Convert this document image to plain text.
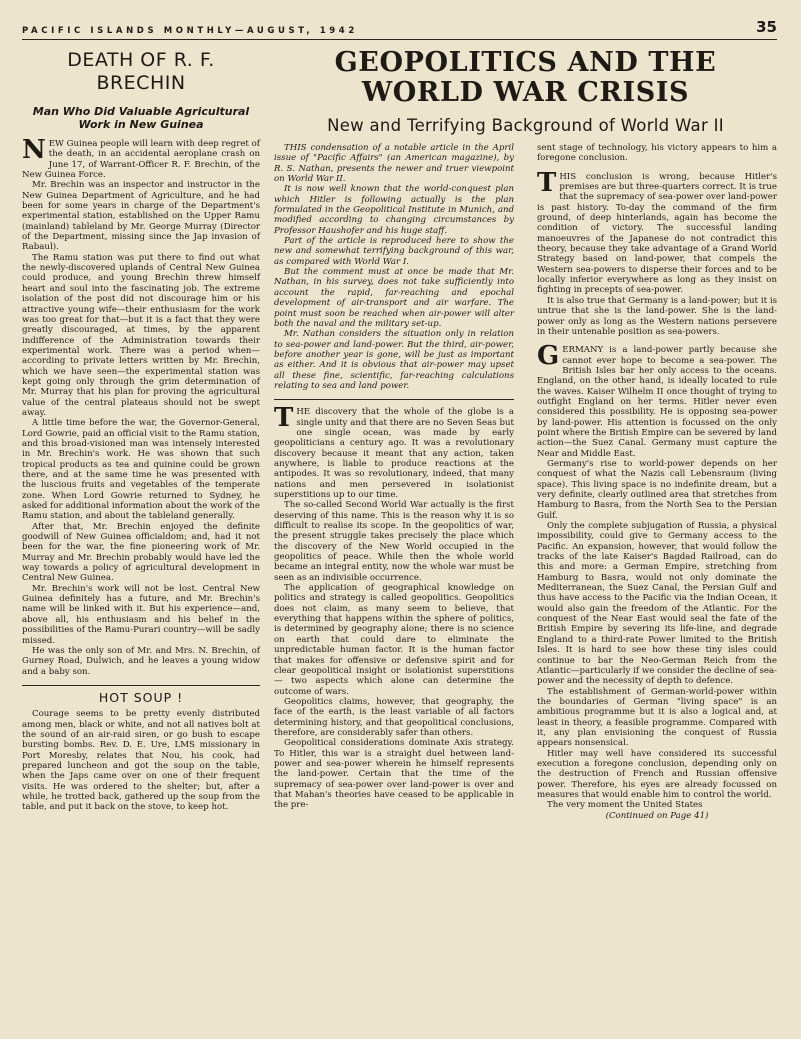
PACIFIC ISLANDS MONTHLY—AUGUST, 1942	35
DEATH OF R. F. BRECHIN
Man Who Did Valuable Agricultural Work in New Guinea

NEW Guinea people will learn with deep regret of the death, in an accidental aeroplane crash on June 17, of Warrant-Officer R. F. Brechin, of the New Guinea Force.

Mr. Brechin was an inspector and instructor in the New Guinea Department of Agriculture, and he had been for some years in charge of the Department's experimental station, established on the Upper Ramu (mainland) tableland by Mr. George Murray (Director of the Department, missing since the Jap invasion of Rabaul).

The Ramu station was put there to find out what the newly-discovered uplands of Central New Guinea could produce, and young Brechin threw himself heart and soul into the fascinating job. The extreme isolation of the post did not discourage him or his attractive young wife—their enthusiasm for the work was too great for that—but it is a fact that they were greatly discouraged, at times, by the apparent indifference of the Administration towards their experimental work. There was a period when—according to private letters written by Mr. Brechin, which we have seen—the experimental station was kept going only through the grim determination of Mr. Murray that his plan for proving the agricultural value of the central plateaus should not be swept away.

A little time before the war, the Governor-General, Lord Gowrie, paid an official visit to the Ramu station, and this broad-visioned man was intensely interested in Mr. Brechin's work. He was shown that such tropical products as tea and quinine could be grown there, and at the same time he was presented with the luscious fruits and vegetables of the temperate zone. When Lord Gowrie returned to Sydney, he asked for additional information about the work of the Ramu station, and about the tableland generally.

After that, Mr. Brechin enjoyed the definite goodwill of New Guinea officialdom; and, had it not been for the war, the fine pioneering work of Mr. Murray and Mr. Brechin probably would have led the way towards a policy of agricultural development in Central New Guinea.

Mr. Brechin's work will not be lost. Central New Guinea definitely has a future, and Mr. Brechin's name will be linked with it. But his experience—and, above all, his enthusiasm and his belief in the possibilities of the Ramu-Purari country—will be sadly missed.

He was the only son of Mr. and Mrs. N. Brechin, of Gurney Road, Dulwich, and he leaves a young widow and a baby son.

HOT SOUP !

Courage seems to be pretty evenly distributed among men, black or white, and not all natives bolt at the sound of an air-raid siren, or go bush to escape bursting bombs. Rev. D. E. Ure, LMS missionary in Port Moresby, relates that Nou, his cook, had prepared luncheon and got the soup on the table, when the Japs came over on one of their frequent visits. He was ordered to the shelter; but, after a while, he trotted back, gathered up the soup from the table, and put it back on the stove, to keep hot.

GEOPOLITICS AND THE WORLD WAR CRISIS
New and Terrifying Background of World War II

THIS condensation of a notable article in the April issue of "Pacific Affairs" (an American magazine), by R. S. Nathan, presents the newer and truer viewpoint on World War II.

It is now well known that the world-conquest plan which Hitler is following actually is the plan formulated in the Geopolitical Institute in Munich, and modified according to changing circumstances by Professor Haushofer and his huge staff.

Part of the article is reproduced here to show the new and somewhat terrifying background of this war, as compared with World War I.

But the comment must at once be made that Mr. Nathan, in his survey, does not take sufficiently into account the rapid, far-reaching and epochal development of air-transport and air warfare. The point must soon be reached when air-power will alter both the naval and the military set-up.

Mr. Nathan considers the situation only in relation to sea-power and land-power. But the third, air-power, before another year is gone, will be just as important as either. And it is obvious that air-power may upset all these fine, scientific, far-reaching calculations relating to sea and land power.

THE discovery that the whole of the globe is a single unity and that there are no Seven Seas but one single ocean, was made by early geopoliticians a century ago. It was a revolutionary discovery because it meant that any action, taken anywhere, is liable to produce reactions at the antipodes. It was so revolutionary, indeed, that many nations and men persevered in isolationist superstitions up to our time.

The so-called Second World War actually is the first deserving of this name. This is the reason why it is so difficult to realise its scope. In the geopolitics of war, the present struggle takes precisely the place which the discovery of the New World occupied in the geopolitics of peace. While then the whole world became an integral entity, now the whole war must be seen as an indivisible occurrence.

The application of geographical knowledge on politics and strategy is called geopolitics. Geopolitics does not claim, as many seem to believe, that everything that happens within the sphere of politics, is determined by geography alone; there is no science on earth that could dare to eliminate the unpredictable human factor. It is the human factor that makes for offensive or defensive spirit and for clear geopolitical insight or isolationist superstitions — two aspects which alone can determine the outcome of wars.

Geopolitics claims, however, that geography, the face of the earth, is the least variable of all factors determining history, and that geopolitical conclusions, therefore, are considerably safer than others.

Geopolitical considerations dominate Axis strategy. To Hitler, this war is a straight duel between land-power and sea-power wherein he himself represents the land-power. Certain that the time of the supremacy of sea-power over land-power is over and that Mahan's theories have ceased to be applicable in the pre-

sent stage of technology, his victory appears to him a foregone conclusion.

THIS conclusion is wrong, because Hitler's premises are but three-quarters correct. It is true that the supremacy of sea-power over land-power is past history. To-day the command of the firm ground, of deep hinterlands, again has become the condition of victory. The successful landing manoeuvres of the Japanese do not contradict this theory, because they take advantage of a Grand World Strategy based on land-power, that compels the Western sea-powers to disperse their forces and to be locally inferior everywhere as long as they insist on fighting in precepts of sea-power.

It is also true that Germany is a land-power; but it is untrue that she is the land-power. She is the land-power only as long as the Western nations persevere in their untenable position as sea-powers.

GERMANY is a land-power partly because she cannot ever hope to become a sea-power. The British Isles bar her only access to the oceans. England, on the other hand, is ideally located to rule the waves. Kaiser Wilhelm II once thought of trying to outfight England on her terms. Hitler never even considered this possibility. He is opposing sea-power by land-power. His attention is focussed on the only point where the British Empire can be severed by land action—the Suez Canal. Germany must capture the Near and Middle East.

Germany's rise to world-power depends on her conquest of what the Nazis call Lebensraum (living space). This living space is no indefinite dream, but a very definite, clearly outlined area that stretches from Hamburg to Basra, from the North Sea to the Persian Gulf.

Only the complete subjugation of Russia, a physical impossibility, could give to Germany access to the Pacific. An expansion, however, that would follow the tracks of the late Kaiser's Bagdad Railroad, can do this and more: a German Empire, stretching from Hamburg to Basra, would not only dominate the Mediterranean, the Suez Canal, the Persian Gulf and thus have access to the Pacific via the Indian Ocean, it would also gain the freedom of the Atlantic. For the conquest of the Near East would seal the fate of the British Empire by severing its life-line, and degrade England to a third-rate Power limited to the British Isles. It is hard to see how these tiny isles could continue to bar the Neo-German Reich from the Atlantic—particularly if we consider the decline of sea-power and the necessity of depth to defence.

The establishment of German-world-power within the boundaries of German "living space" is an ambitious programme but it is also a logical and, at least in theory, a feasible programme. Compared with it, any plan envisioning the conquest of Russia appears nonsensical.

Hitler may well have considered its successful execution a foregone conclusion, depending only on the destruction of French and Russian offensive power. Therefore, his eyes are already focussed on measures that would enable him to control the world.

The very moment the United States

(Continued on Page 41)
